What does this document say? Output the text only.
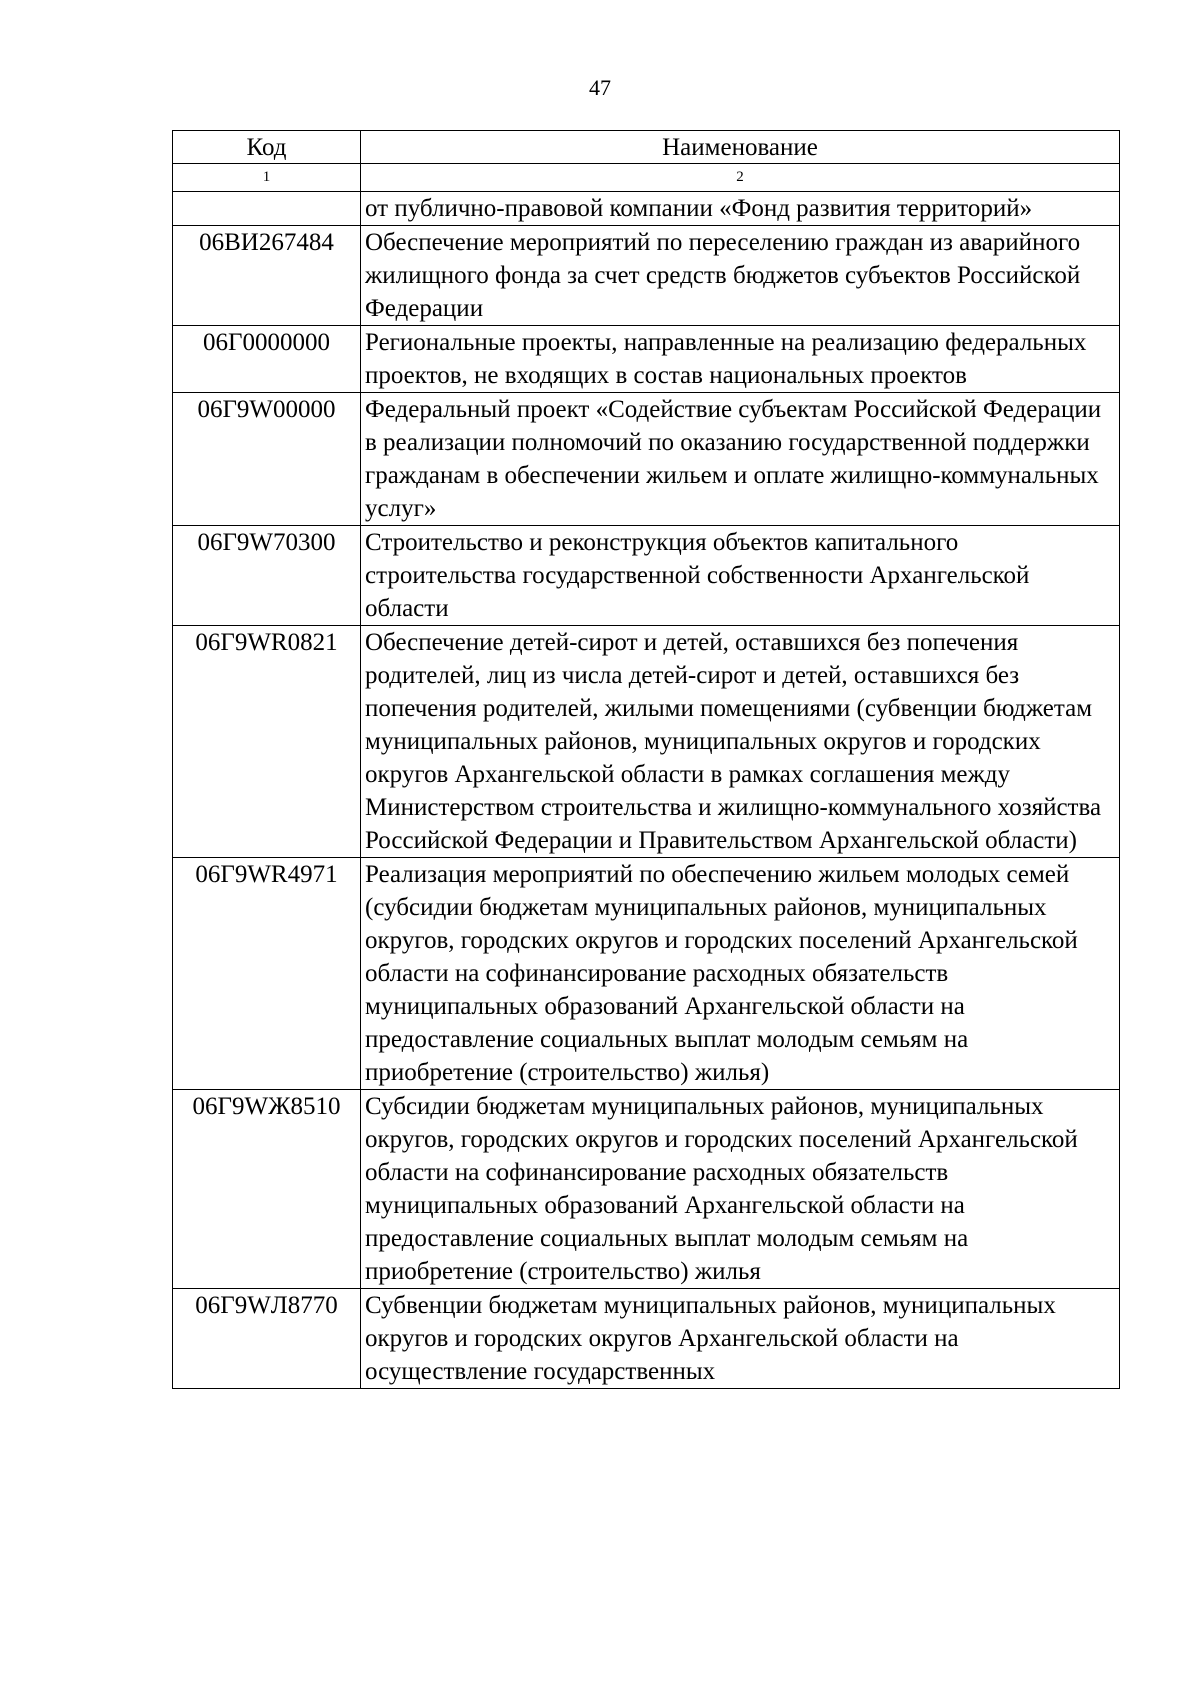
47
Код	Наименование
1	2
	от публично-правовой компании «Фонд развития территорий»
06ВИ267484	Обеспечение мероприятий по переселению граждан из аварийного жилищного фонда за счет средств бюджетов субъектов Российской Федерации
06Г0000000	Региональные проекты, направленные на реализацию федеральных проектов, не входящих в состав национальных проектов
06Г9W00000	Федеральный проект «Содействие субъектам Российской Федерации в реализации полномочий по оказанию государственной поддержки гражданам в обеспечении жильем и оплате жилищно-коммунальных услуг»
06Г9W70300	Строительство и реконструкция объектов капитального строительства государственной собственности Архангельской области
06Г9WR0821	Обеспечение детей-сирот и детей, оставшихся без попечения родителей, лиц из числа детей-сирот и детей, оставшихся без попечения родителей, жилыми помещениями (субвенции бюджетам муниципальных районов, муниципальных округов и городских округов Архангельской области в рамках соглашения между Министерством строительства и жилищно-коммунального хозяйства Российской Федерации и Правительством Архангельской области)
06Г9WR4971	Реализация мероприятий по обеспечению жильем молодых семей (субсидии бюджетам муниципальных районов, муниципальных округов, городских округов и городских поселений Архангельской области на софинансирование расходных обязательств муниципальных образований Архангельской области на предоставление социальных выплат молодым семьям на приобретение (строительство) жилья)
06Г9WЖ8510	Субсидии бюджетам муниципальных районов, муниципальных округов, городских округов и городских поселений Архангельской области на софинансирование расходных обязательств муниципальных образований Архангельской области на предоставление социальных выплат молодым семьям на приобретение (строительство) жилья
06Г9WЛ8770	Субвенции бюджетам муниципальных районов, муниципальных округов и городских округов Архангельской области на осуществление государственных
